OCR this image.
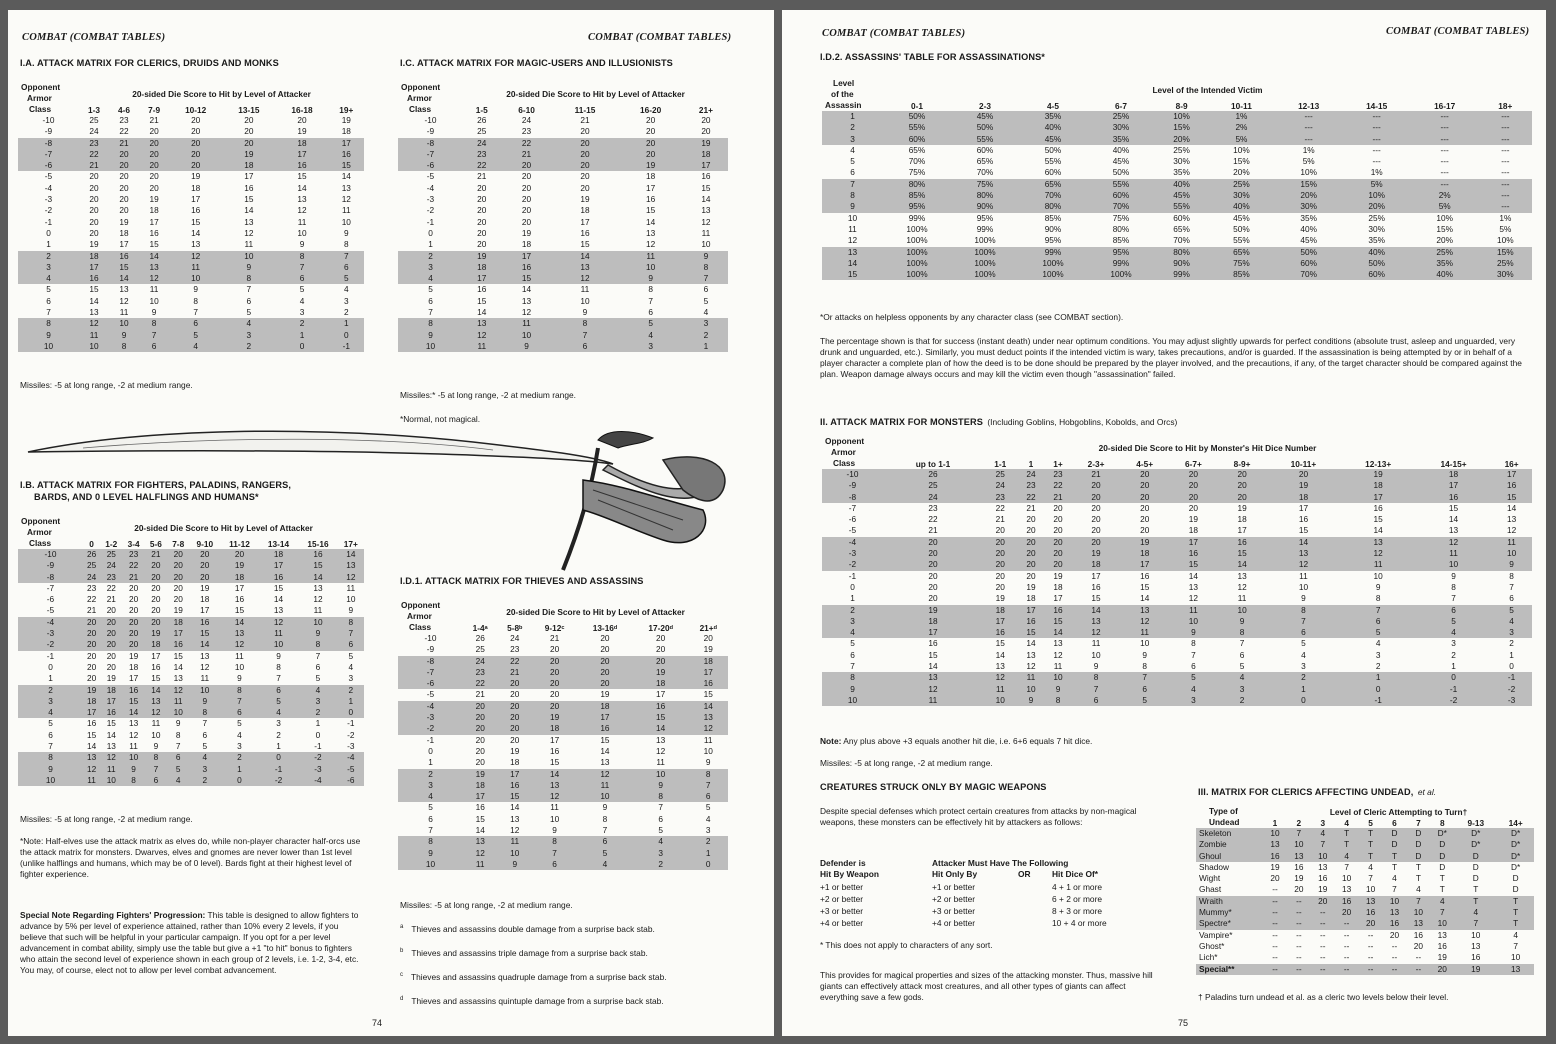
COMBAT (COMBAT TABLES)	COMBAT (COMBAT TABLES)
I.A. ATTACK MATRIX FOR CLERICS, DRUIDS AND MONKS
Opponent
Armor
Class	20-sided Die Score to Hit by Level of Attacker						

	1-3	4-6	7-9	10-12	13-15	16-18	19+
-10	25	23	21	20	20	20	19
-9	24	22	20	20	20	19	18
-8	23	21	20	20	20	18	17
-7	22	20	20	20	19	17	16
-6	21	20	20	20	18	16	15
-5	20	20	20	19	17	15	14
-4	20	20	20	18	16	14	13
-3	20	20	19	17	15	13	12
-2	20	20	18	16	14	12	11
-1	20	19	17	15	13	11	10
0	20	18	16	14	12	10	9
1	19	17	15	13	11	9	8
2	18	16	14	12	10	8	7
3	17	15	13	11	9	7	6
4	16	14	12	10	8	6	5
5	15	13	11	9	7	5	4
6	14	12	10	8	6	4	3
7	13	11	9	7	5	3	2
8	12	10	8	6	4	2	1
9	11	9	7	5	3	1	0
10	10	8	6	4	2	0	-1
Missiles: -5 at long range, -2 at medium range.
I.C. ATTACK MATRIX FOR MAGIC-USERS AND ILLUSIONISTS
Opponent
Armor
Class	20-sided Die Score to Hit by Level of Attacker				

	1-5	6-10	11-15	16-20	21+
-10	26	24	21	20	20
-9	25	23	20	20	20
-8	24	22	20	20	19
-7	23	21	20	20	18
-6	22	20	20	19	17
-5	21	20	20	18	16
-4	20	20	20	17	15
-3	20	20	19	16	14
-2	20	20	18	15	13
-1	20	20	17	14	12
0	20	19	16	13	11
1	20	18	15	12	10
2	19	17	14	11	9
3	18	16	13	10	8
4	17	15	12	9	7
5	16	14	11	8	6
6	15	13	10	7	5
7	14	12	9	6	4
8	13	11	8	5	3
9	12	10	7	4	2
10	11	9	6	3	1
Missiles:* -5 at long range, -2 at medium range.
*Normal, not magical.
I.B. ATTACK MATRIX FOR FIGHTERS, PALADINS, RANGERS,
BARDS, AND 0 LEVEL HALFLINGS AND HUMANS*
Opponent
Armor
Class	20-sided Die Score to Hit by Level of Attacker									

	0	1-2	3-4	5-6	7-8	9-10	11-12	13-14	15-16	17+
-10	26	25	23	21	20	20	20	18	16	14
-9	25	24	22	20	20	20	19	17	15	13
-8	24	23	21	20	20	20	18	16	14	12
-7	23	22	20	20	20	19	17	15	13	11
-6	22	21	20	20	20	18	16	14	12	10
-5	21	20	20	20	19	17	15	13	11	9
-4	20	20	20	20	18	16	14	12	10	8
-3	20	20	20	19	17	15	13	11	9	7
-2	20	20	20	18	16	14	12	10	8	6
-1	20	20	19	17	15	13	11	9	7	5
0	20	20	18	16	14	12	10	8	6	4
1	20	19	17	15	13	11	9	7	5	3
2	19	18	16	14	12	10	8	6	4	2
3	18	17	15	13	11	9	7	5	3	1
4	17	16	14	12	10	8	6	4	2	0
5	16	15	13	11	9	7	5	3	1	-1
6	15	14	12	10	8	6	4	2	0	-2
7	14	13	11	9	7	5	3	1	-1	-3
8	13	12	10	8	6	4	2	0	-2	-4
9	12	11	9	7	5	3	1	-1	-3	-5
10	11	10	8	6	4	2	0	-2	-4	-6
Missiles: -5 at long range, -2 at medium range.
*Note: Half-elves use the attack matrix as elves do, while non-player character half-orcs use the attack matrix for monsters. Dwarves, elves and gnomes are never lower than 1st level (unlike halflings and humans, which may be of 0 level). Bards fight at their highest level of fighter experience.
Special Note Regarding Fighters' Progression: This table is designed to allow fighters to advance by 5% per level of experience attained, rather than 10% every 2 levels, if you believe that such will be helpful in your particular campaign. If you opt for a per level advancement in combat ability, simply use the table but give a +1 "to hit" bonus to fighters who attain the second level of experience shown in each group of 2 levels, i.e. 1-2, 3-4, etc. You may, of course, elect not to allow per level combat advancement.
I.D.1. ATTACK MATRIX FOR THIEVES AND ASSASSINS
Opponent
Armor
Class	20-sided Die Score to Hit by Level of Attacker					

	1-4ᵃ	5-8ᵇ	9-12ᶜ	13-16ᵈ	17-20ᵈ	21+ᵈ
-10	26	24	21	20	20	20
-9	25	23	20	20	20	19
-8	24	22	20	20	20	18
-7	23	21	20	20	19	17
-6	22	20	20	20	18	16
-5	21	20	20	19	17	15
-4	20	20	20	18	16	14
-3	20	20	19	17	15	13
-2	20	20	18	16	14	12
-1	20	20	17	15	13	11
0	20	19	16	14	12	10
1	20	18	15	13	11	9
2	19	17	14	12	10	8
3	18	16	13	11	9	7
4	17	15	12	10	8	6
5	16	14	11	9	7	5
6	15	13	10	8	6	4
7	14	12	9	7	5	3
8	13	11	8	6	4	2
9	12	10	7	5	3	1
10	11	9	6	4	2	0
Missiles: -5 at long range, -2 at medium range.
$^a$ Thieves and assassins double damage from a surprise back stab.
$^b$ Thieves and assassins triple damage from a surprise back stab.
$^c$ Thieves and assassins quadruple damage from a surprise back stab.
$^d$ Thieves and assassins quintuple damage from a surprise back stab.
74
COMBAT (COMBAT TABLES)	COMBAT (COMBAT TABLES)
I.D.2. ASSASSINS' TABLE FOR ASSASSINATIONS*
Level
of the
Assassin	Level of the Intended Victim									

	0-1	2-3	4-5	6-7	8-9	10-11	12-13	14-15	16-17	18+
1	50%	45%	35%	25%	10%	1%	---	---	---	---
2	55%	50%	40%	30%	15%	2%	---	---	---	---
3	60%	55%	45%	35%	20%	5%	---	---	---	---
4	65%	60%	50%	40%	25%	10%	1%	---	---	---
5	70%	65%	55%	45%	30%	15%	5%	---	---	---
6	75%	70%	60%	50%	35%	20%	10%	1%	---	---
7	80%	75%	65%	55%	40%	25%	15%	5%	---	---
8	85%	80%	70%	60%	45%	30%	20%	10%	2%	---
9	95%	90%	80%	70%	55%	40%	30%	20%	5%	---
10	99%	95%	85%	75%	60%	45%	35%	25%	10%	1%
11	100%	99%	90%	80%	65%	50%	40%	30%	15%	5%
12	100%	100%	95%	85%	70%	55%	45%	35%	20%	10%
13	100%	100%	99%	95%	80%	65%	50%	40%	25%	15%
14	100%	100%	100%	99%	90%	75%	60%	50%	35%	25%
15	100%	100%	100%	100%	99%	85%	70%	60%	40%	30%
*Or attacks on helpless opponents by any character class (see COMBAT section).
The percentage shown is that for success (instant death) under near optimum conditions. You may adjust slightly upwards for perfect conditions (absolute trust, asleep and unguarded, very drunk and unguarded, etc.). Similarly, you must deduct points if the intended victim is wary, takes precautions, and/or is guarded. If the assassination is being attempted by or in behalf of a player character a complete plan of how the deed is to be done should be prepared by the player involved, and the precautions, if any, of the target character should be compared against the plan. Weapon damage always occurs and may kill the victim even though "assassination" failed.
II. ATTACK MATRIX FOR MONSTERS (Including Goblins, Hobgoblins, Kobolds, and Orcs)
Opponent
Armor
Class	20-sided Die Score to Hit by Monster's Hit Dice Number											

	up to 1-1	1-1	1	1+	2-3+	4-5+	6-7+	8-9+	10-11+	12-13+	14-15+	16+
-10	26	25	24	23	21	20	20	20	20	19	18	17
-9	25	24	23	22	20	20	20	20	19	18	17	16
-8	24	23	22	21	20	20	20	20	18	17	16	15
-7	23	22	21	20	20	20	20	19	17	16	15	14
-6	22	21	20	20	20	20	19	18	16	15	14	13
-5	21	20	20	20	20	20	18	17	15	14	13	12
-4	20	20	20	20	20	19	17	16	14	13	12	11
-3	20	20	20	20	19	18	16	15	13	12	11	10
-2	20	20	20	20	18	17	15	14	12	11	10	9
-1	20	20	20	19	17	16	14	13	11	10	9	8
0	20	20	19	18	16	15	13	12	10	9	8	7
1	20	19	18	17	15	14	12	11	9	8	7	6
2	19	18	17	16	14	13	11	10	8	7	6	5
3	18	17	16	15	13	12	10	9	7	6	5	4
4	17	16	15	14	12	11	9	8	6	5	4	3
5	16	15	14	13	11	10	8	7	5	4	3	2
6	15	14	13	12	10	9	7	6	4	3	2	1
7	14	13	12	11	9	8	6	5	3	2	1	0
8	13	12	11	10	8	7	5	4	2	1	0	-1
9	12	11	10	9	7	6	4	3	1	0	-1	-2
10	11	10	9	8	6	5	3	2	0	-1	-2	-3
Note: Any plus above +3 equals another hit die, i.e. 6+6 equals 7 hit dice.
Missiles: -5 at long range, -2 at medium range.
CREATURES STRUCK ONLY BY MAGIC WEAPONS
Despite special defenses which protect certain creatures from attacks by non-magical weapons, these monsters can be effectively hit by attackers as follows:
Defender is
Hit By Weapon
Attacker Must Have The Following
Hit Only By	OR	Hit Dice Of*
+1 or better	+1 or better	4 + 1 or more
+2 or better	+2 or better	6 + 2 or more
+3 or better	+3 or better	8 + 3 or more
+4 or better	+4 or better	10 + 4 or more
* This does not apply to characters of any sort.
This provides for magical properties and sizes of the attacking monster. Thus, massive hill giants can effectively attack most creatures, and all other types of giants can affect everything save a few gods.
III. MATRIX FOR CLERICS AFFECTING UNDEAD, et al.
Type of
Undead	Level of Cleric Attempting to Turn†									

	1	2	3	4	5	6	7	8	9-13	14+
Skeleton	10	7	4	T	T	D	D	D*	D*	D*
Zombie	13	10	7	T	T	D	D	D	D*	D*
Ghoul	16	13	10	4	T	T	D	D	D	D*
Shadow	19	16	13	7	4	T	T	D	D	D*
Wight	20	19	16	10	7	4	T	T	D	D
Ghast	--	20	19	13	10	7	4	T	T	D
Wraith	--	--	20	16	13	10	7	4	T	T
Mummy*	--	--	--	20	16	13	10	7	4	T
Spectre*	--	--	--	--	20	16	13	10	7	T
Vampire*	--	--	--	--	--	20	16	13	10	4
Ghost*	--	--	--	--	--	--	20	16	13	7
Lich*	--	--	--	--	--	--	--	19	16	10
Special**	--	--	--	--	--	--	--	20	19	13
† Paladins turn undead et al. as a cleric two levels below their level.
75
